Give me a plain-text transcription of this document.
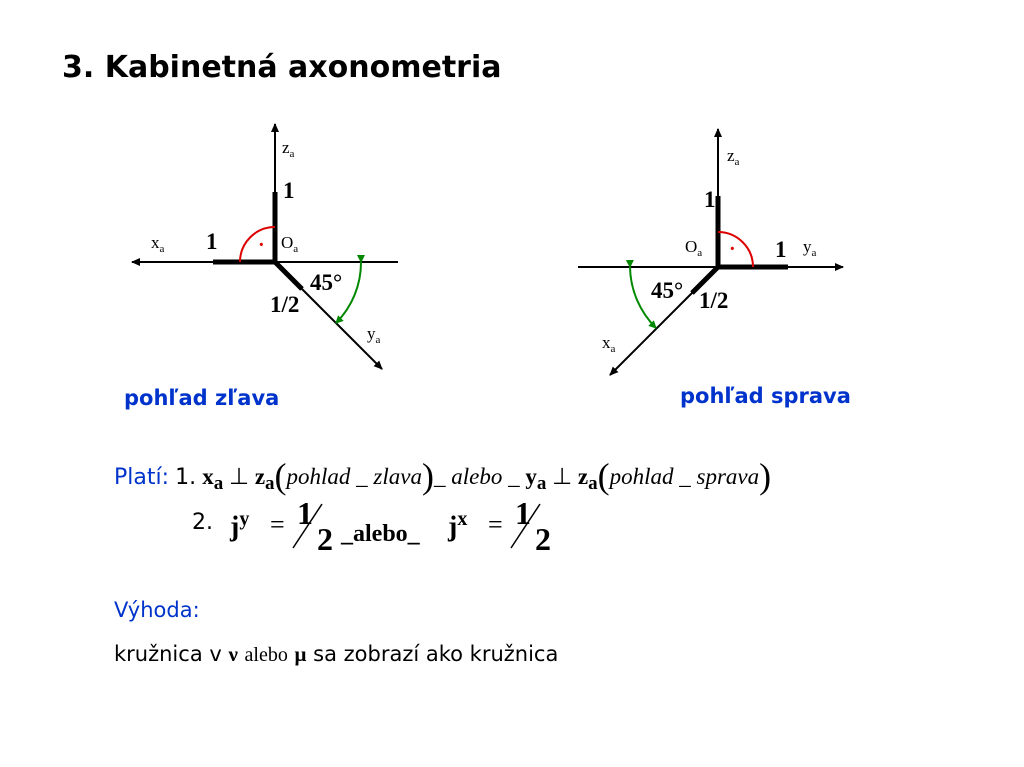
3. Kabinetná axonometria
$z_a$
1
$x_a$ $1 \cdot O_a$
45°
1/2
$y_a$
pohľad zľava
$z_a$
1
$O_a \cdot 1$ $y_a$
45° 1/2
$x_a$
pohľad sprava
Platí: 1. $x_a$ ⊥ $z_a(pohlad$ _ zlava)_ alebo _ $y_a$ ⊥ $z_a(pohlad$ _ sprava)
2. $j^y = 1$
2 _alebo_ $j^x = 1$
2
Výhoda:
kružnica v ν alebo μ sa zobrazí ako kružnica
